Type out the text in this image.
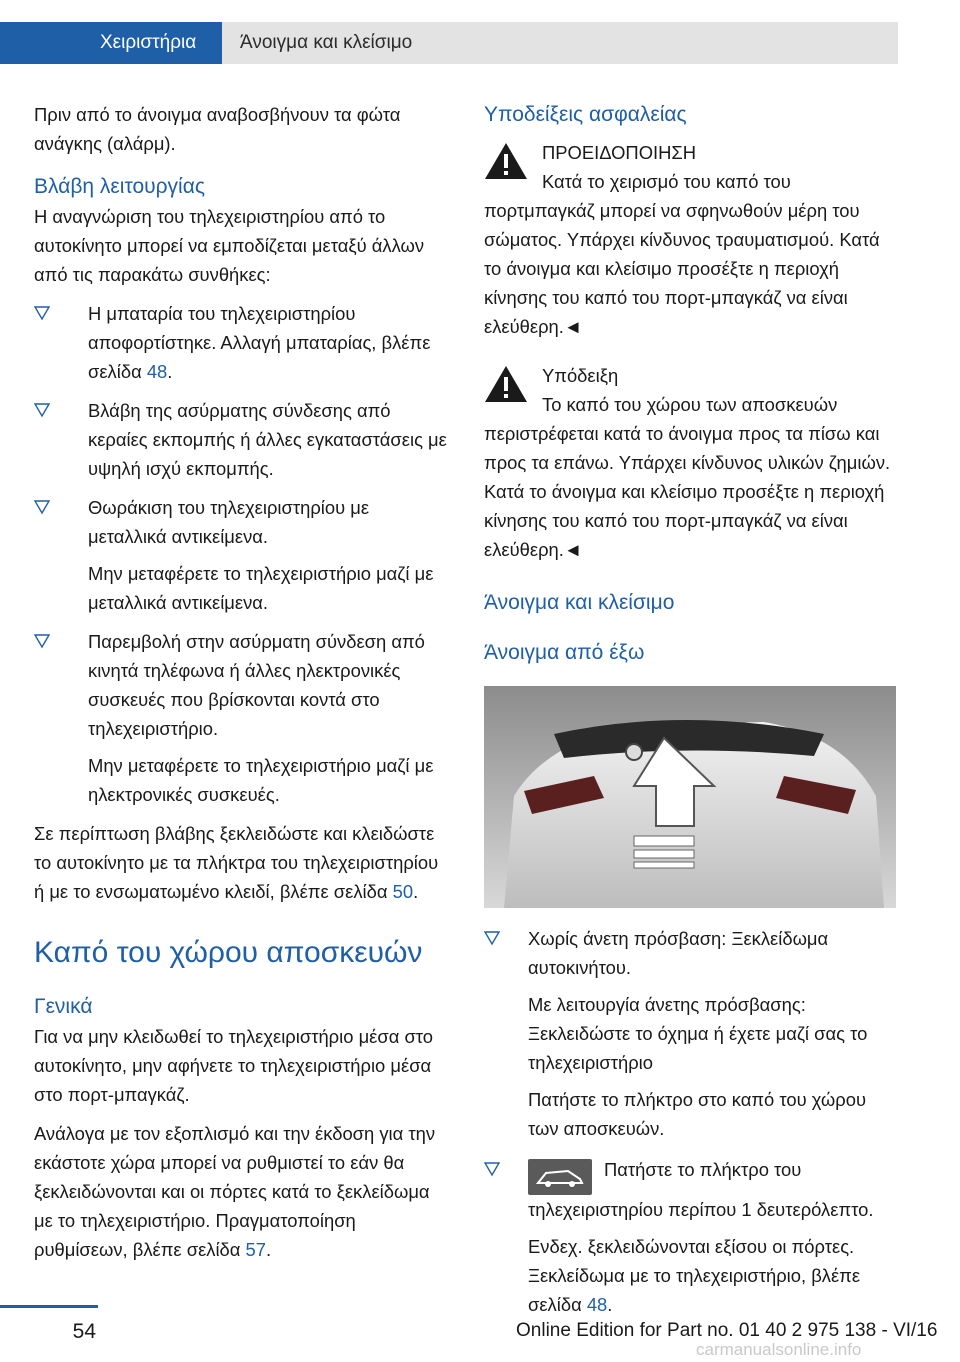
Χειριστήρια	Άνοιγμα και κλείσιμο

Πριν από το άνοιγμα αναβοσβήνουν τα φώτα ανάγκης (αλάρμ).

Βλάβη λειτουργίας

Η αναγνώριση του τηλεχειριστηρίου από το αυτοκίνητο μπορεί να εμποδίζεται μεταξύ άλλων από τις παρακάτω συνθήκες:

Η μπαταρία του τηλεχειριστηρίου αποφορτίστηκε. Αλλαγή μπαταρίας, βλέπε σελίδα 48.

Βλάβη της ασύρματης σύνδεσης από κεραίες εκπομπής ή άλλες εγκαταστάσεις με υψηλή ισχύ εκπομπής.

Θωράκιση του τηλεχειριστηρίου με μεταλλικά αντικείμενα.

Μην μεταφέρετε το τηλεχειριστήριο μαζί με μεταλλικά αντικείμενα.

Παρεμβολή στην ασύρματη σύνδεση από κινητά τηλέφωνα ή άλλες ηλεκτρονικές συσκευές που βρίσκονται κοντά στο τηλεχειριστήριο.

Μην μεταφέρετε το τηλεχειριστήριο μαζί με ηλεκτρονικές συσκευές.

Σε περίπτωση βλάβης ξεκλειδώστε και κλειδώστε το αυτοκίνητο με τα πλήκτρα του τηλεχειριστηρίου ή με το ενσωματωμένο κλειδί, βλέπε σελίδα 50.

Καπό του χώρου αποσκευών
Γενικά

Για να μην κλειδωθεί το τηλεχειριστήριο μέσα στο αυτοκίνητο, μην αφήνετε το τηλεχειριστήριο μέσα στο πορτ-μπαγκάζ.

Ανάλογα με τον εξοπλισμό και την έκδοση για την εκάστοτε χώρα μπορεί να ρυθμιστεί το εάν θα ξεκλειδώνονται και οι πόρτες κατά το ξεκλείδωμα με το τηλεχειριστήριο. Πραγματοποίηση ρυθμίσεων, βλέπε σελίδα 57.

Υποδείξεις ασφαλείας

ΠΡΟΕΙΔΟΠΟΙΗΣΗ

Κατά το χειρισμό του καπό του πορτμπαγκάζ μπορεί να σφηνωθούν μέρη του σώματος. Υπάρχει κίνδυνος τραυματισμού. Κατά το άνοιγμα και κλείσιμο προσέξτε η περιοχή κίνησης του καπό του πορτ-μπαγκάζ να είναι ελεύθερη.◄

Υπόδειξη

Το καπό του χώρου των αποσκευών περιστρέφεται κατά το άνοιγμα προς τα πίσω και προς τα επάνω. Υπάρχει κίνδυνος υλικών ζημιών. Κατά το άνοιγμα και κλείσιμο προσέξτε η περιοχή κίνησης του καπό του πορτ-μπαγκάζ να είναι ελεύθερη.◄

Άνοιγμα και κλείσιμο
Άνοιγμα από έξω

Χωρίς άνετη πρόσβαση: Ξεκλείδωμα αυτοκινήτου.

Με λειτουργία άνετης πρόσβασης: Ξεκλειδώστε το όχημα ή έχετε μαζί σας το τηλεχειριστήριο

Πατήστε το πλήκτρο στο καπό του χώρου των αποσκευών.

Πατήστε το πλήκτρο του τηλεχειριστηρίου περίπου 1 δευτερόλεπτο.

Ενδεχ. ξεκλειδώνονται εξίσου οι πόρτες. Ξεκλείδωμα με το τηλεχειριστήριο, βλέπε σελίδα 48.

54	Online Edition for Part no. 01 40 2 975 138 - VI/16
carmanualsonline.info
